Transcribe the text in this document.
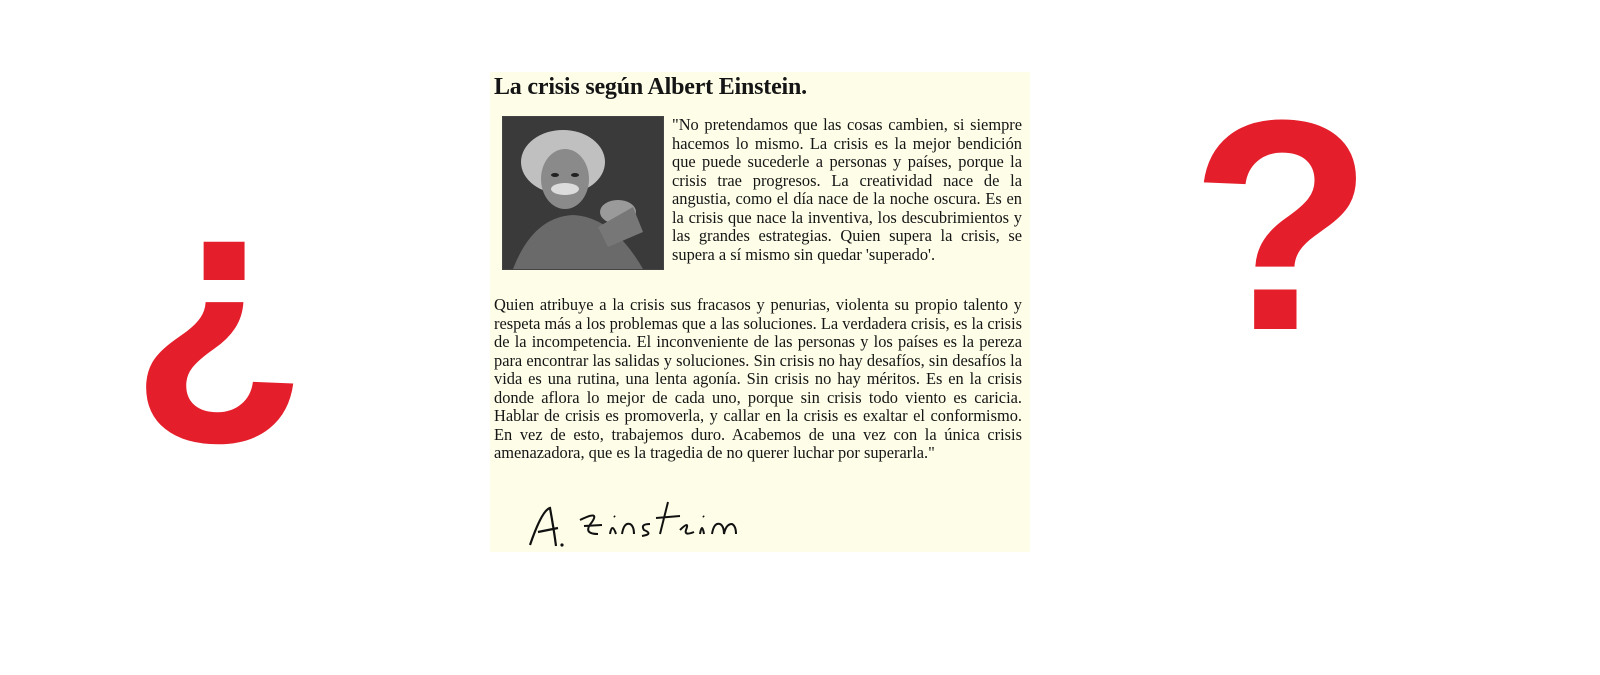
¿	?
La crisis según Albert Einstein.

"No pretendamos que las cosas cambien, si siempre hacemos lo mismo. La crisis es la mejor bendición que puede sucederle a personas y países, porque la crisis trae progresos. La creatividad nace de la angustia, como el día nace de la noche oscura. Es en la crisis que nace la inventiva, los descubrimientos y las grandes estrategias. Quien supera la crisis, se supera a sí mismo sin quedar 'superado'.

Quien atribuye a la crisis sus fracasos y penurias, violenta su propio talento y respeta más a los problemas que a las soluciones. La verdadera crisis, es la crisis de la incompetencia. El inconveniente de las personas y los países es la pereza para encontrar las salidas y soluciones. Sin crisis no hay desafíos, sin desafíos la vida es una rutina, una lenta agonía. Sin crisis no hay méritos. Es en la crisis donde aflora lo mejor de cada uno, porque sin crisis todo viento es caricia. Hablar de crisis es promoverla, y callar en la crisis es exaltar el conformismo. En vez de esto, trabajemos duro. Acabemos de una vez con la única crisis amenazadora, que es la tragedia de no querer luchar por superarla."
